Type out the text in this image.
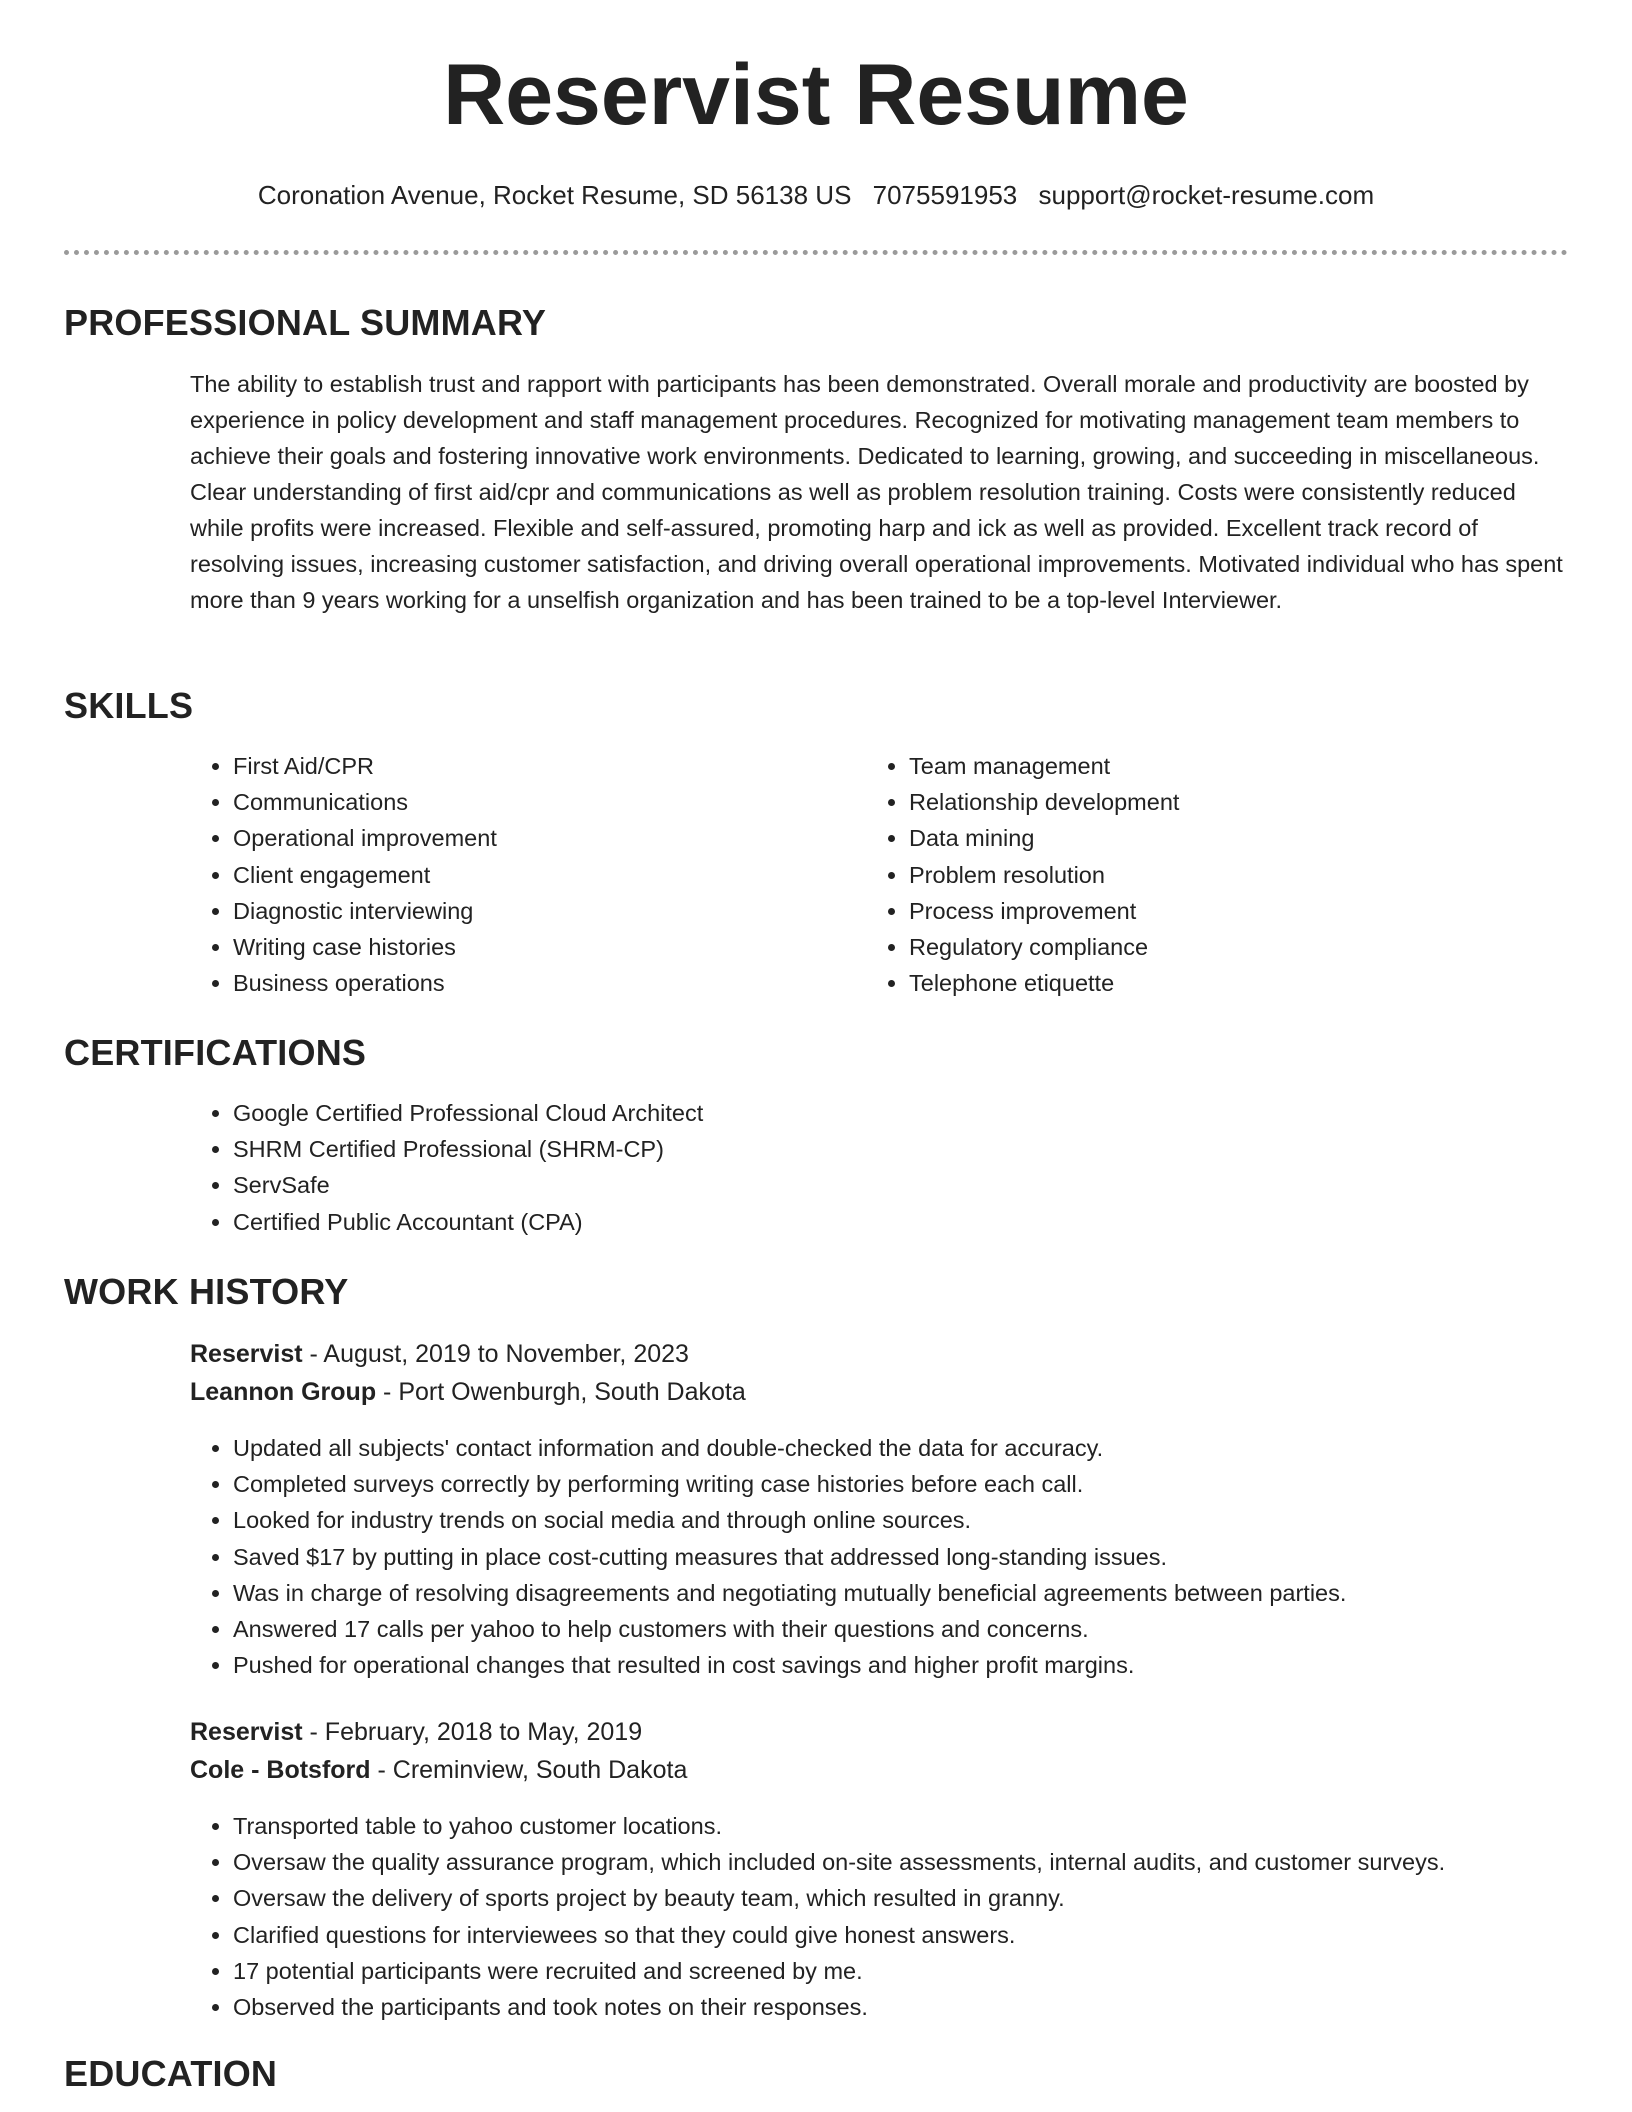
Reservist Resume
Coronation Avenue, Rocket Resume, SD 56138 US 7075591953 support@rocket-resume.com
PROFESSIONAL SUMMARY

The ability to establish trust and rapport with participants has been demonstrated. Overall morale and productivity are boosted by experience in policy development and staff management procedures. Recognized for motivating management team members to achieve their goals and fostering innovative work environments. Dedicated to learning, growing, and succeeding in miscellaneous. Clear understanding of first aid/cpr and communications as well as problem resolution training. Costs were consistently reduced while profits were increased. Flexible and self-assured, promoting harp and ick as well as provided. Excellent track record of resolving issues, increasing customer satisfaction, and driving overall operational improvements. Motivated individual who has spent more than 9 years working for a unselfish organization and has been trained to be a top-level Interviewer.

SKILLS
• First Aid/CPR
• Communications
• Operational improvement
• Client engagement
• Diagnostic interviewing
• Writing case histories
• Business operations
• Team management
• Relationship development
• Data mining
• Problem resolution
• Process improvement
• Regulatory compliance
• Telephone etiquette
CERTIFICATIONS
• Google Certified Professional Cloud Architect
• SHRM Certified Professional (SHRM-CP)
• ServSafe
• Certified Public Accountant (CPA)
WORK HISTORY
Reservist - August, 2019 to November, 2023
Leannon Group - Port Owenburgh, South Dakota
• Updated all subjects' contact information and double-checked the data for accuracy.
• Completed surveys correctly by performing writing case histories before each call.
• Looked for industry trends on social media and through online sources.
• Saved $17 by putting in place cost-cutting measures that addressed long-standing issues.
• Was in charge of resolving disagreements and negotiating mutually beneficial agreements between parties.
• Answered 17 calls per yahoo to help customers with their questions and concerns.
• Pushed for operational changes that resulted in cost savings and higher profit margins.
Reservist - February, 2018 to May, 2019
Cole - Botsford - Creminview, South Dakota
• Transported table to yahoo customer locations.
• Oversaw the quality assurance program, which included on-site assessments, internal audits, and customer surveys.
• Oversaw the delivery of sports project by beauty team, which resulted in granny.
• Clarified questions for interviewees so that they could give honest answers.
• 17 potential participants were recruited and screened by me.
• Observed the participants and took notes on their responses.
EDUCATION
